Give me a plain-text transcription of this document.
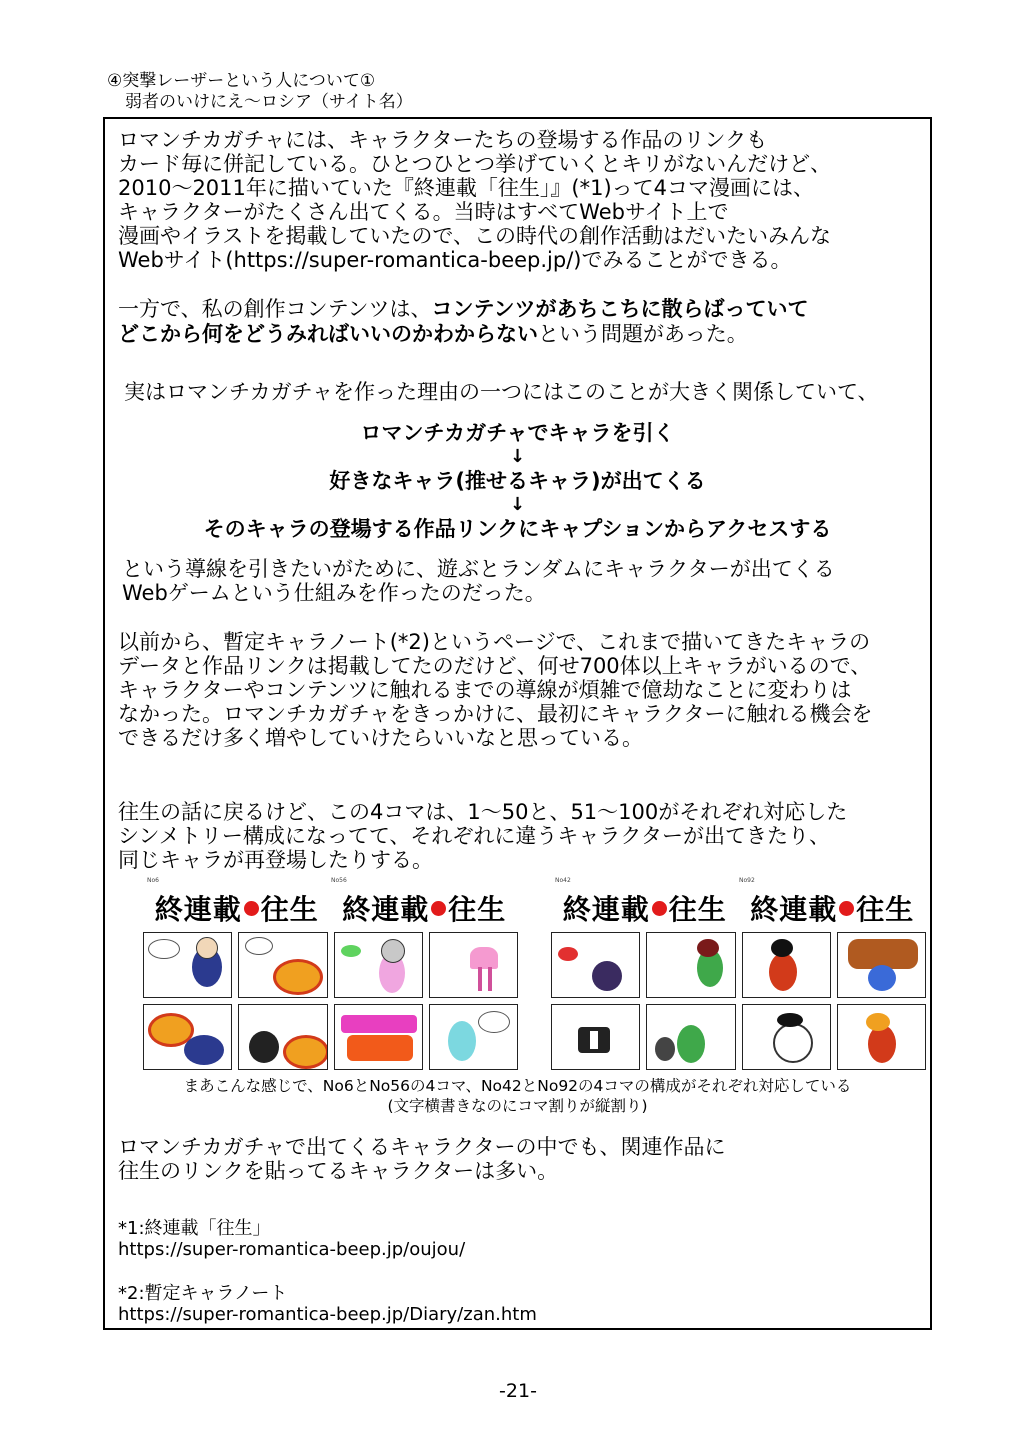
④突撃レーザーという人について①
弱者のいけにえ〜ロシア（サイト名）
ロマンチカガチャには、キャラクターたちの登場する作品のリンクも
カード毎に併記している。ひとつひとつ挙げていくとキリがないんだけど、
2010〜2011年に描いていた『終連載「往生」』(*1)って4コマ漫画には、
キャラクターがたくさん出てくる。当時はすべてWebサイト上で
漫画やイラストを掲載していたので、この時代の創作活動はだいたいみんな
Webサイト(https://super-romantica-beep.jp/)でみることができる。
一方で、私の創作コンテンツは、コンテンツがあちこちに散らばっていて
どこから何をどうみればいいのかわからないという問題があった。
実はロマンチカガチャを作った理由の一つにはこのことが大きく関係していて、
ロマンチカガチャでキャラを引く
↓
好きなキャラ(推せるキャラ)が出てくる
↓
そのキャラの登場する作品リンクにキャプションからアクセスする
という導線を引きたいがために、遊ぶとランダムにキャラクターが出てくる
Webゲームという仕組みを作ったのだった。
以前から、暫定キャラノート(*2)というページで、これまで描いてきたキャラの
データと作品リンクは掲載してたのだけど、何せ700体以上キャラがいるので、
キャラクターやコンテンツに触れるまでの導線が煩雑で億劫なことに変わりは
なかった。ロマンチカガチャをきっかけに、最初にキャラクターに触れる機会を
できるだけ多く増やしていけたらいいなと思っている。
往生の話に戻るけど、この4コマは、1〜50と、51〜100がそれぞれ対応した
シンメトリー構成になってて、それぞれに違うキャラクターが出てきたり、
同じキャラが再登場したりする。
No6	No56
終連載 往生 終連載 往生
No42	No92
終連載 往生 終連載 往生
まあこんな感じで、No6とNo56の4コマ、No42とNo92の4コマの構成がそれぞれ対応している
(文字横書きなのにコマ割りが縦割り)
ロマンチカガチャで出てくるキャラクターの中でも、関連作品に
往生のリンクを貼ってるキャラクターは多い。
*1:終連載「往生」
https://super-romantica-beep.jp/oujou/
*2:暫定キャラノート
https://super-romantica-beep.jp/Diary/zan.htm
-21-
